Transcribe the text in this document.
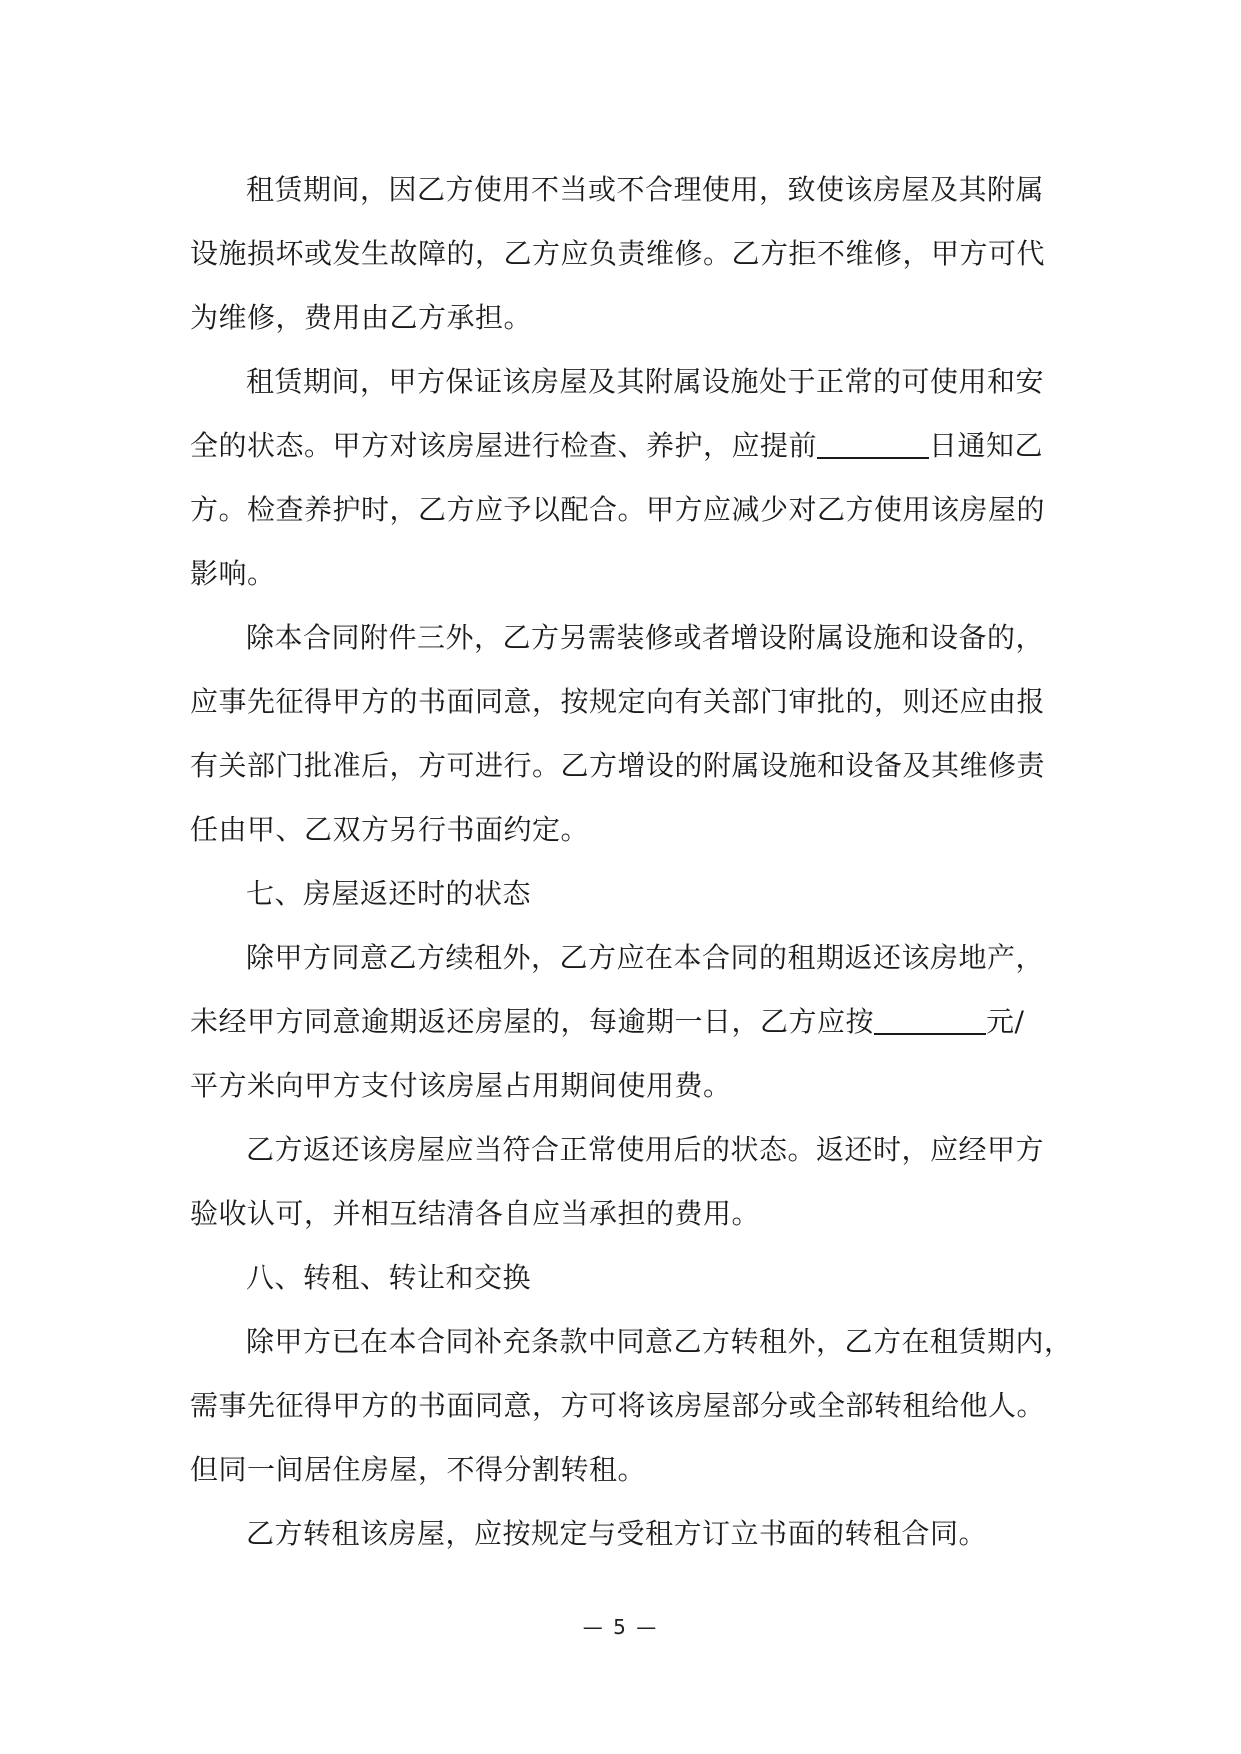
租赁期间，因乙方使用不当或不合理使用，致使该房屋及其附属
设施损坏或发生故障的，乙方应负责维修。乙方拒不维修，甲方可代
为维修，费用由乙方承担。
租赁期间，甲方保证该房屋及其附属设施处于正常的可使用和安
全的状态。甲方对该房屋进行检查、养护，应提前	日通知乙
方。检查养护时，乙方应予以配合。甲方应减少对乙方使用该房屋的
影响。
除本合同附件三外，乙方另需装修或者增设附属设施和设备的，
应事先征得甲方的书面同意，按规定向有关部门审批的，则还应由报
有关部门批准后，方可进行。乙方增设的附属设施和设备及其维修责
任由甲、乙双方另行书面约定。
七、房屋返还时的状态
除甲方同意乙方续租外，乙方应在本合同的租期返还该房地产，
未经甲方同意逾期返还房屋的，每逾期一日，乙方应按	元/
平方米向甲方支付该房屋占用期间使用费。
乙方返还该房屋应当符合正常使用后的状态。返还时，应经甲方
验收认可，并相互结清各自应当承担的费用。
八、转租、转让和交换
除甲方已在本合同补充条款中同意乙方转租外，乙方在租赁期内，
需事先征得甲方的书面同意，方可将该房屋部分或全部转租给他人。
但同一间居住房屋，不得分割转租。
乙方转租该房屋，应按规定与受租方订立书面的转租合同。
— 5 —
